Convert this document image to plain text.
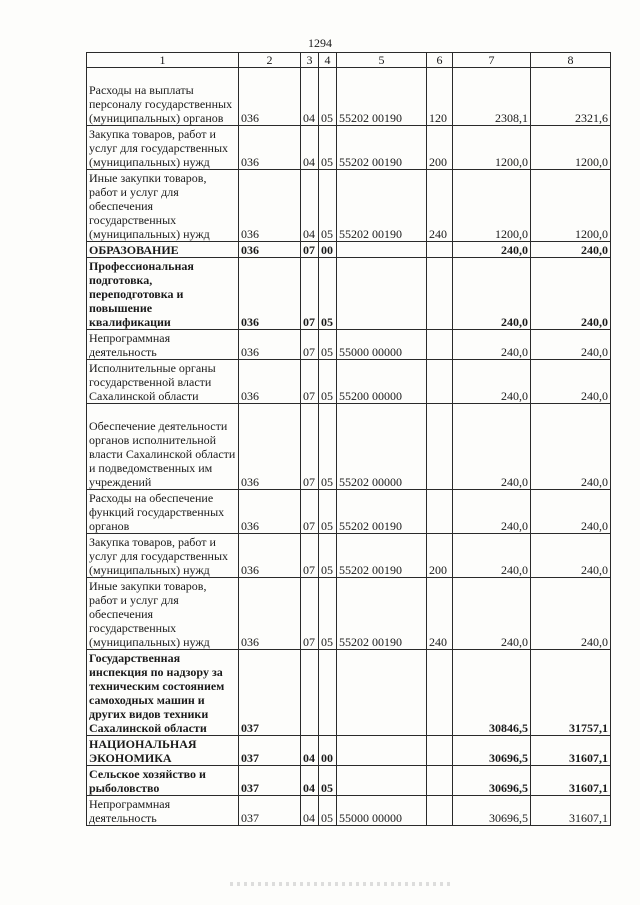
1294
1	2	3	4	5	6	7	8
Расходы на выплаты персоналу государственных (муниципальных) органов	036	04	05	55202 00190	120	2308,1	2321,6
Закупка товаров, работ и услуг для государственных (муниципальных) нужд	036	04	05	55202 00190	200	1200,0	1200,0
Иные закупки товаров, работ и услуг для обеспечения государственных (муниципальных) нужд	036	04	05	55202 00190	240	1200,0	1200,0
ОБРАЗОВАНИЕ	036	07	00			240,0	240,0
Профессиональная подготовка, переподготовка и повышение квалификации	036	07	05			240,0	240,0
Непрограммная деятельность	036	07	05	55000 00000		240,0	240,0
Исполнительные органы государственной власти Сахалинской области	036	07	05	55200 00000		240,0	240,0
Обеспечение деятельности органов исполнительной власти Сахалинской области и подведомственных им учреждений	036	07	05	55202 00000		240,0	240,0
Расходы на обеспечение функций государственных органов	036	07	05	55202 00190		240,0	240,0
Закупка товаров, работ и услуг для государственных (муниципальных) нужд	036	07	05	55202 00190	200	240,0	240,0
Иные закупки товаров, работ и услуг для обеспечения государственных (муниципальных) нужд	036	07	05	55202 00190	240	240,0	240,0
Государственная инспекция по надзору за техническим состоянием самоходных машин и других видов техники Сахалинской области	037					30846,5	31757,1
НАЦИОНАЛЬНАЯ ЭКОНОМИКА	037	04	00			30696,5	31607,1
Сельское хозяйство и рыболовство	037	04	05			30696,5	31607,1
Непрограммная деятельность	037	04	05	55000 00000		30696,5	31607,1
